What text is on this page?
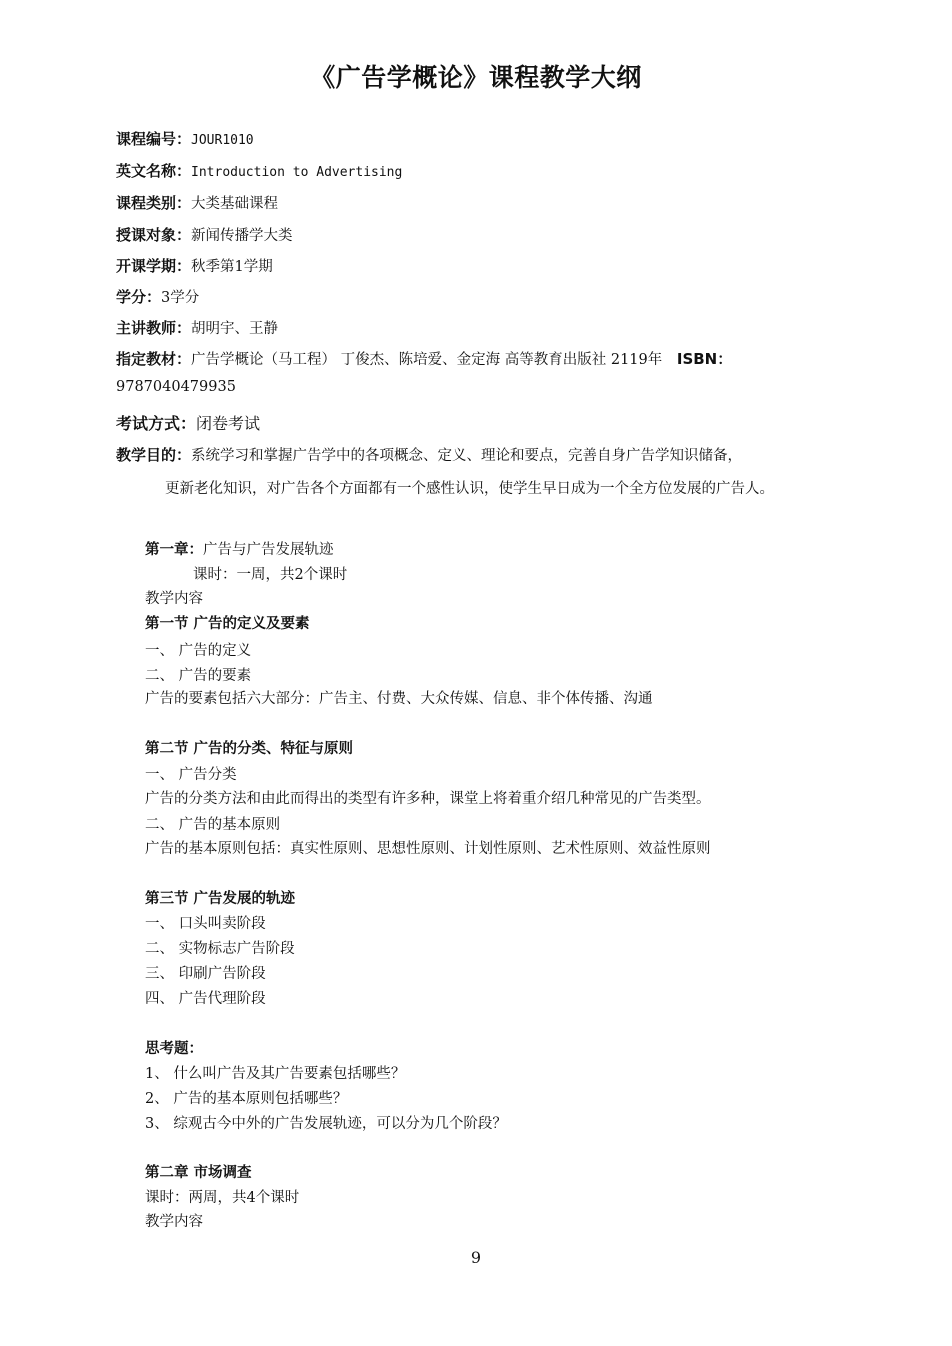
《广告学概论》课程教学大纲
课程编号：JOUR1010
英文名称：Introduction to Advertising
课程类别：大类基础课程
授课对象：新闻传播学大类
开课学期：秋季第1学期
学分：3学分
主讲教师：胡明宇、王静
指定教材：广告学概论（马工程） 丁俊杰、陈培爱、金定海 高等教育出版社 2119年 ISBN：
9787040479935
考试方式：闭卷考试
教学目的：系统学习和掌握广告学中的各项概念、定义、理论和要点，完善自身广告学知识储备，
更新老化知识，对广告各个方面都有一个感性认识，使学生早日成为一个全方位发展的广告人。
第一章：广告与广告发展轨迹
课时：一周，共2个课时
教学内容
第一节 广告的定义及要素
一、 广告的定义
二、 广告的要素
广告的要素包括六大部分：广告主、付费、大众传媒、信息、非个体传播、沟通
第二节 广告的分类、特征与原则
一、 广告分类
广告的分类方法和由此而得出的类型有许多种，课堂上将着重介绍几种常见的广告类型。
二、 广告的基本原则
广告的基本原则包括：真实性原则、思想性原则、计划性原则、艺术性原则、效益性原则
第三节 广告发展的轨迹
一、 口头叫卖阶段
二、 实物标志广告阶段
三、 印刷广告阶段
四、 广告代理阶段
思考题：
1、 什么叫广告及其广告要素包括哪些？
2、 广告的基本原则包括哪些？
3、 综观古今中外的广告发展轨迹，可以分为几个阶段？
第二章 市场调查
课时：两周，共4个课时
教学内容
9
